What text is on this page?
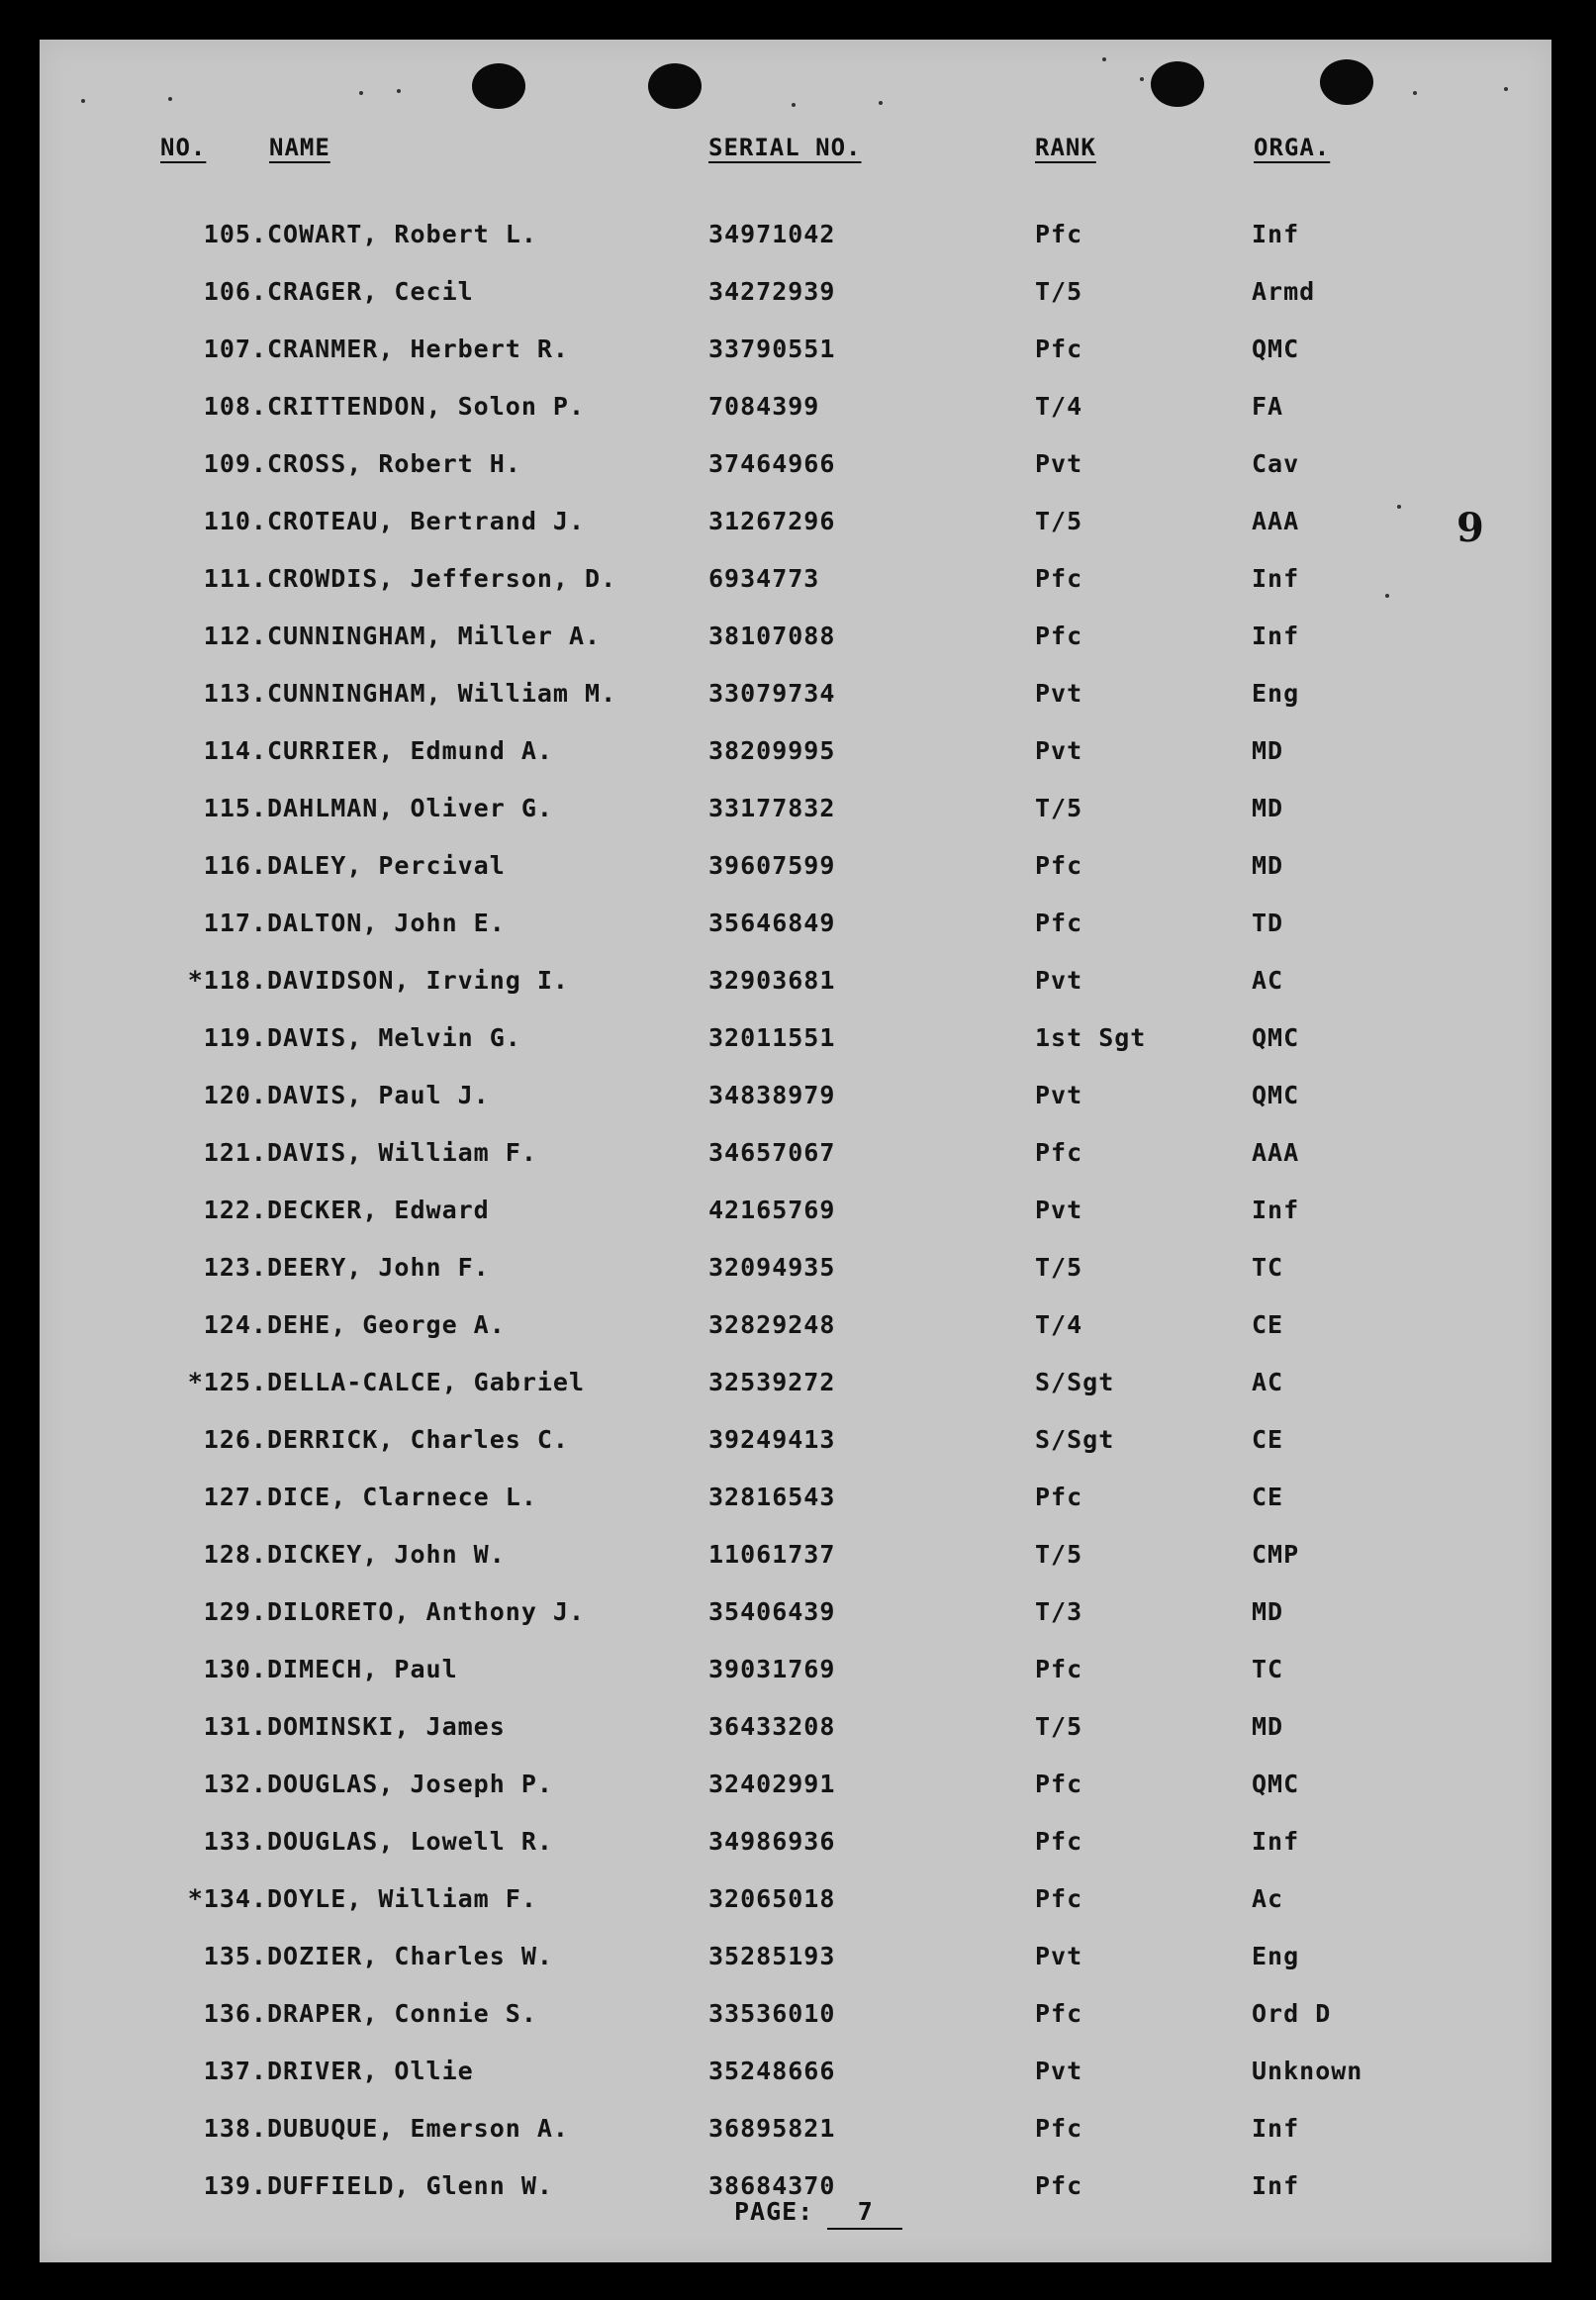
NO.	NAME	SERIAL NO.	RANK	ORGA.
9
105. COWART, Robert L.	34971042	Pfc	Inf
106. CRAGER, Cecil	34272939	T/5	Armd
107. CRANMER, Herbert R.	33790551	Pfc	QMC
108. CRITTENDON, Solon P.	7084399	T/4	FA
109. CROSS, Robert H.	37464966	Pvt	Cav
110. CROTEAU, Bertrand J.	31267296	T/5	AAA
111. CROWDIS, Jefferson, D.	6934773	Pfc	Inf
112. CUNNINGHAM, Miller A.	38107088	Pfc	Inf
113. CUNNINGHAM, William M.	33079734	Pvt	Eng
114. CURRIER, Edmund A.	38209995	Pvt	MD
115. DAHLMAN, Oliver G.	33177832	T/5	MD
116. DALEY, Percival	39607599	Pfc	MD
117. DALTON, John E.	35646849	Pfc	TD
*118. DAVIDSON, Irving I.	32903681	Pvt	AC
119. DAVIS, Melvin G.	32011551	1st Sgt	QMC
120. DAVIS, Paul J.	34838979	Pvt	QMC
121. DAVIS, William F.	34657067	Pfc	AAA
122. DECKER, Edward	42165769	Pvt	Inf
123. DEERY, John F.	32094935	T/5	TC
124. DEHE, George A.	32829248	T/4	CE
*125. DELLA-CALCE, Gabriel	32539272	S/Sgt	AC
126. DERRICK, Charles C.	39249413	S/Sgt	CE
127. DICE, Clarnece L.	32816543	Pfc	CE
128. DICKEY, John W.	11061737	T/5	CMP
129. DILORETO, Anthony J.	35406439	T/3	MD
130. DIMECH, Paul	39031769	Pfc	TC
131. DOMINSKI, James	36433208	T/5	MD
132. DOUGLAS, Joseph P.	32402991	Pfc	QMC
133. DOUGLAS, Lowell R.	34986936	Pfc	Inf
*134. DOYLE, William F.	32065018	Pfc	Ac
135. DOZIER, Charles W.	35285193	Pvt	Eng
136. DRAPER, Connie S.	33536010	Pfc	Ord D
137. DRIVER, Ollie	35248666	Pvt	Unknown
138. DUBUQUE, Emerson A.	36895821	Pfc	Inf
139. DUFFIELD, Glenn W.	38684370	Pfc	Inf
PAGE: 7
